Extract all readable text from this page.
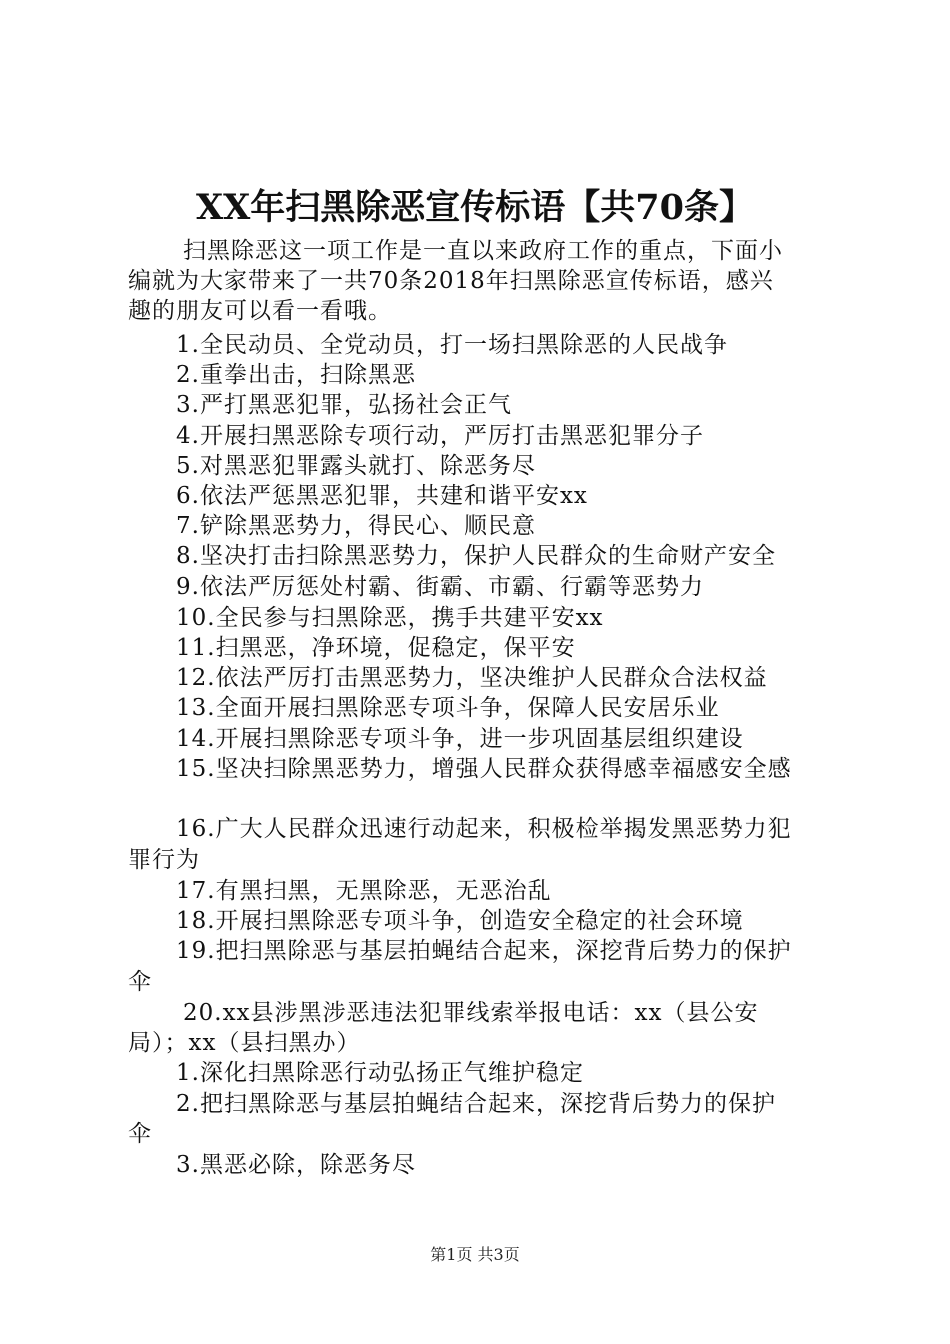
XX年扫黑除恶宣传标语【共70条】
扫黑除恶这一项工作是一直以来政府工作的重点，下面小
编就为大家带来了一共70条2018年扫黑除恶宣传标语，感兴
趣的朋友可以看一看哦。
1.全民动员、全党动员，打一场扫黑除恶的人民战争
2.重拳出击，扫除黑恶
3.严打黑恶犯罪，弘扬社会正气
4.开展扫黑恶除专项行动，严厉打击黑恶犯罪分子
5.对黑恶犯罪露头就打、除恶务尽
6.依法严惩黑恶犯罪，共建和谐平安xx
7.铲除黑恶势力，得民心、顺民意
8.坚决打击扫除黑恶势力，保护人民群众的生命财产安全
9.依法严厉惩处村霸、街霸、市霸、行霸等恶势力
10.全民参与扫黑除恶，携手共建平安xx
11.扫黑恶，净环境，促稳定，保平安
12.依法严厉打击黑恶势力，坚决维护人民群众合法权益
13.全面开展扫黑除恶专项斗争，保障人民安居乐业
14.开展扫黑除恶专项斗争，进一步巩固基层组织建设
15.坚决扫除黑恶势力，增强人民群众获得感幸福感安全感
16.广大人民群众迅速行动起来，积极检举揭发黑恶势力犯
罪行为
17.有黑扫黑，无黑除恶，无恶治乱
18.开展扫黑除恶专项斗争，创造安全稳定的社会环境
19.把扫黑除恶与基层拍蝇结合起来，深挖背后势力的保护
伞
20.xx县涉黑涉恶违法犯罪线索举报电话：xx（县公安
局）；xx（县扫黑办）
1.深化扫黑除恶行动弘扬正气维护稳定
2.把扫黑除恶与基层拍蝇结合起来，深挖背后势力的保护
伞
3.黑恶必除，除恶务尽
第1页 共3页
